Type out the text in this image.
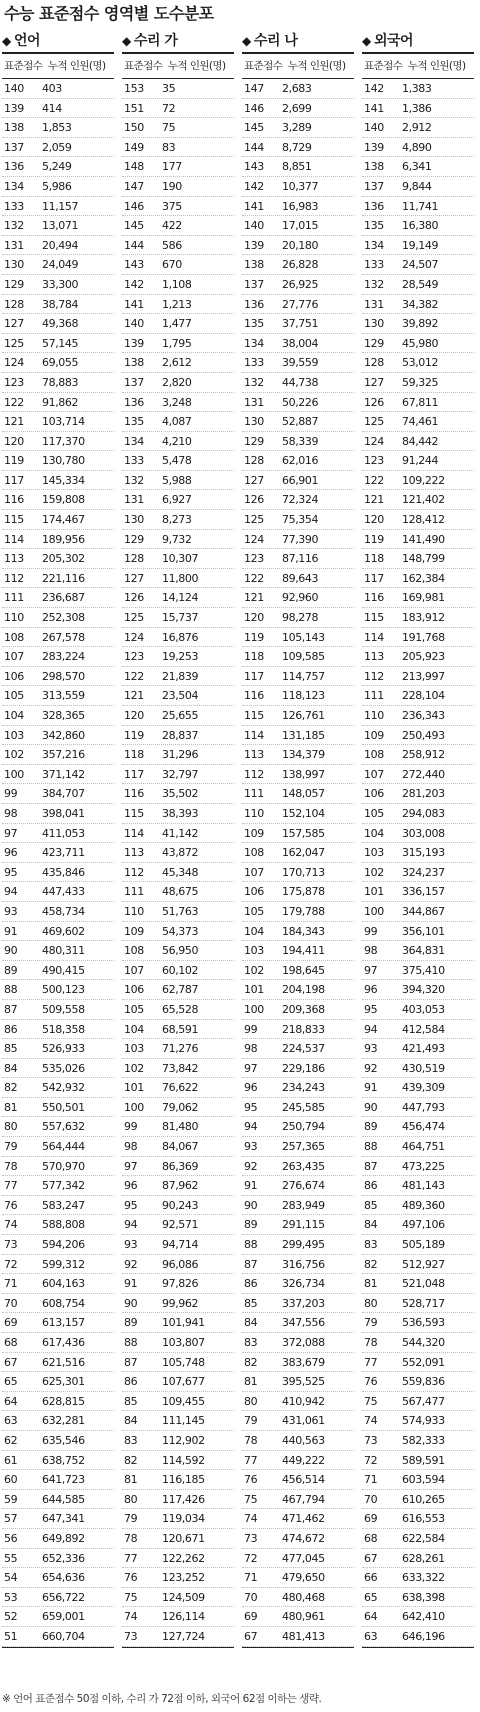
수능 표준점수 영역별 도수분포
◆ 언어
표준점수 누적 인원(명)
140 403
139 414
138 1,853
137 2,059
136 5,249
134 5,986
133 11,157
132 13,071
131 20,494
130 24,049
129 33,300
128 38,784
127 49,368
125 57,145
124 69,055
123 78,883
122 91,862
121 103,714
120 117,370
119 130,780
117 145,334
116 159,808
115 174,467
114 189,956
113 205,302
112 221,116
111 236,687
110 252,308
108 267,578
107 283,224
106 298,570
105 313,559
104 328,365
103 342,860
102 357,216
100 371,142
99 384,707
98 398,041
97 411,053
96 423,711
95 435,846
94 447,433
93 458,734
91 469,602
90 480,311
89 490,415
88 500,123
87 509,558
86 518,358
85 526,933
84 535,026
82 542,932
81 550,501
80 557,632
79 564,444
78 570,970
77 577,342
76 583,247
74 588,808
73 594,206
72 599,312
71 604,163
70 608,754
69 613,157
68 617,436
67 621,516
65 625,301
64 628,815
63 632,281
62 635,546
61 638,752
60 641,723
59 644,585
57 647,341
56 649,892
55 652,336
54 654,636
53 656,722
52 659,001
51 660,704
◆ 수리 가
표준점수 누적 인원(명)
153 35
151 72
150 75
149 83
148 177
147 190
146 375
145 422
144 586
143 670
142 1,108
141 1,213
140 1,477
139 1,795
138 2,612
137 2,820
136 3,248
135 4,087
134 4,210
133 5,478
132 5,988
131 6,927
130 8,273
129 9,732
128 10,307
127 11,800
126 14,124
125 15,737
124 16,876
123 19,253
122 21,839
121 23,504
120 25,655
119 28,837
118 31,296
117 32,797
116 35,502
115 38,393
114 41,142
113 43,872
112 45,348
111 48,675
110 51,763
109 54,373
108 56,950
107 60,102
106 62,787
105 65,528
104 68,591
103 71,276
102 73,842
101 76,622
100 79,062
99 81,480
98 84,067
97 86,369
96 87,962
95 90,243
94 92,571
93 94,714
92 96,086
91 97,826
90 99,962
89 101,941
88 103,807
87 105,748
86 107,677
85 109,455
84 111,145
83 112,902
82 114,592
81 116,185
80 117,426
79 119,034
78 120,671
77 122,262
76 123,252
75 124,509
74 126,114
73 127,724
◆ 수리 나
표준점수 누적 인원(명)
147 2,683
146 2,699
145 3,289
144 8,729
143 8,851
142 10,377
141 16,983
140 17,015
139 20,180
138 26,828
137 26,925
136 27,776
135 37,751
134 38,004
133 39,559
132 44,738
131 50,226
130 52,887
129 58,339
128 62,016
127 66,901
126 72,324
125 75,354
124 77,390
123 87,116
122 89,643
121 92,960
120 98,278
119 105,143
118 109,585
117 114,757
116 118,123
115 126,761
114 131,185
113 134,379
112 138,997
111 148,057
110 152,104
109 157,585
108 162,047
107 170,713
106 175,878
105 179,788
104 184,343
103 194,411
102 198,645
101 204,198
100 209,368
99 218,833
98 224,537
97 229,186
96 234,243
95 245,585
94 250,794
93 257,365
92 263,435
91 276,674
90 283,949
89 291,115
88 299,495
87 316,756
86 326,734
85 337,203
84 347,556
83 372,088
82 383,679
81 395,525
80 410,942
79 431,061
78 440,563
77 449,222
76 456,514
75 467,794
74 471,462
73 474,672
72 477,045
71 479,650
70 480,468
69 480,961
67 481,413
◆ 외국어
표준점수 누적 인원(명)
142 1,383
141 1,386
140 2,912
139 4,890
138 6,341
137 9,844
136 11,741
135 16,380
134 19,149
133 24,507
132 28,549
131 34,382
130 39,892
129 45,980
128 53,012
127 59,325
126 67,811
125 74,461
124 84,442
123 91,244
122 109,222
121 121,402
120 128,412
119 141,490
118 148,799
117 162,384
116 169,981
115 183,912
114 191,768
113 205,923
112 213,997
111 228,104
110 236,343
109 250,493
108 258,912
107 272,440
106 281,203
105 294,083
104 303,008
103 315,193
102 324,237
101 336,157
100 344,867
99 356,101
98 364,831
97 375,410
96 394,320
95 403,053
94 412,584
93 421,493
92 430,519
91 439,309
90 447,793
89 456,474
88 464,751
87 473,225
86 481,143
85 489,360
84 497,106
83 505,189
82 512,927
81 521,048
80 528,717
79 536,593
78 544,320
77 552,091
76 559,836
75 567,477
74 574,933
73 582,333
72 589,591
71 603,594
70 610,265
69 616,553
68 622,584
67 628,261
66 633,322
65 638,398
64 642,410
63 646,196
※ 언어 표준점수 50점 이하, 수리 가 72점 이하, 외국어 62점 이하는 생략.
